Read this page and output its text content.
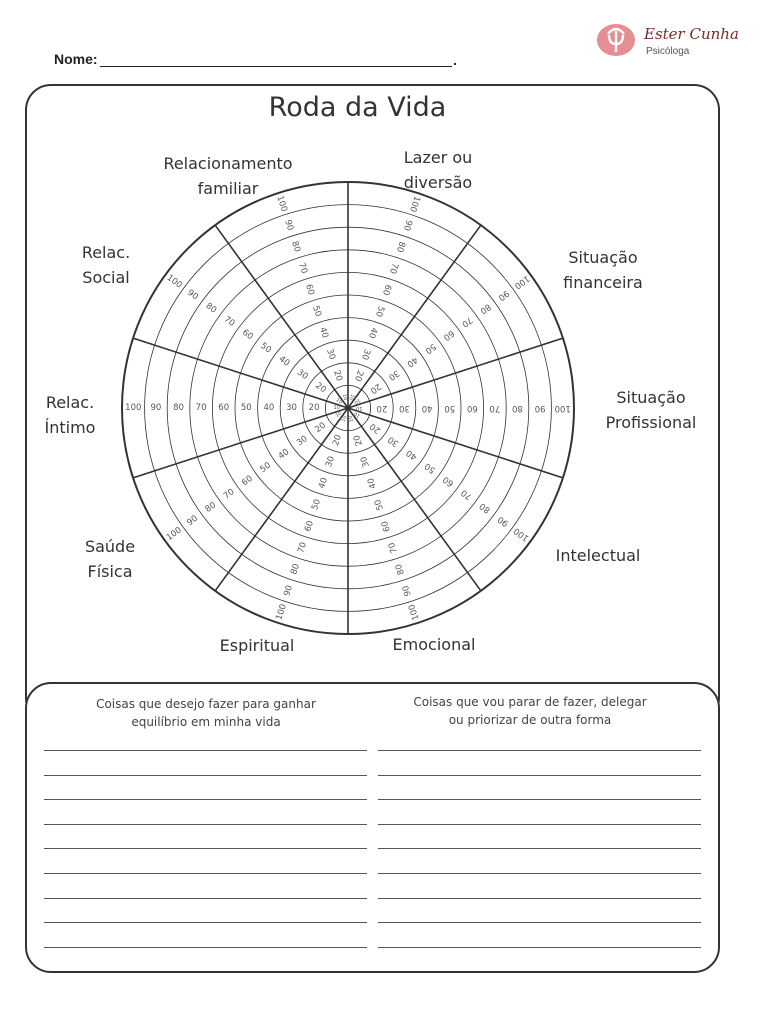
Ester Cunha
Psicóloga
Nome:	.
Roda da Vida
10
20
30
40
50
60
70
80
90
100
10
20
30
40
50
60
70
80
90
100
10
20
30
40
50
60
70
80
90
100
10 20 30 40 50 60 70 80 90 100
10
20
30
40
50
60
70
80
90
100
10
20
30
40
50
60
70
80
90
100
10
20
30
40
50
60
70
80
90
100
10
20
30
40
50
60
70
80
90
100
10
20
30
40
50
60
70
80
90
100
10
20
30
40
50
60
70
80
90
100
Relacionamento
familiar
Lazer ou
diversão
Situação
financeira
Situação
Profissional
Intelectual
Emocional
Espiritual
Saúde
Física
Relac.
Íntimo
Relac.
Social
Coisas que desejo fazer para ganhar
equilíbrio em minha vida
Coisas que vou parar de fazer, delegar
ou priorizar de outra forma
